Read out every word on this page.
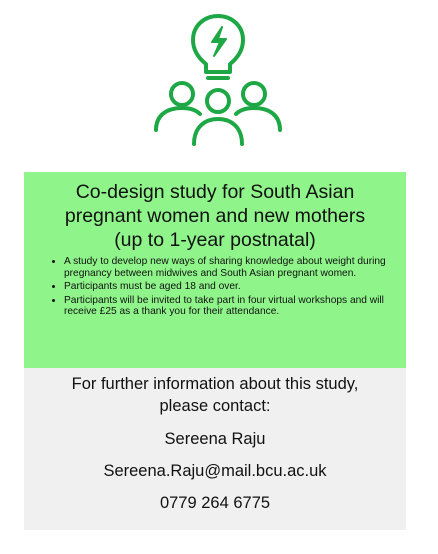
Co-design study for South Asian
pregnant women and new mothers
(up to 1-year postnatal)
• A study to develop new ways of sharing knowledge about weight during pregnancy between midwives and South Asian pregnant women.
• Participants must be aged 18 and over.
• Participants will be invited to take part in four virtual workshops and will receive £25 as a thank you for their attendance.

For further information about this study,
please contact:

Sereena Raju

Sereena.Raju@mail.bcu.ac.uk

0779 264 6775
